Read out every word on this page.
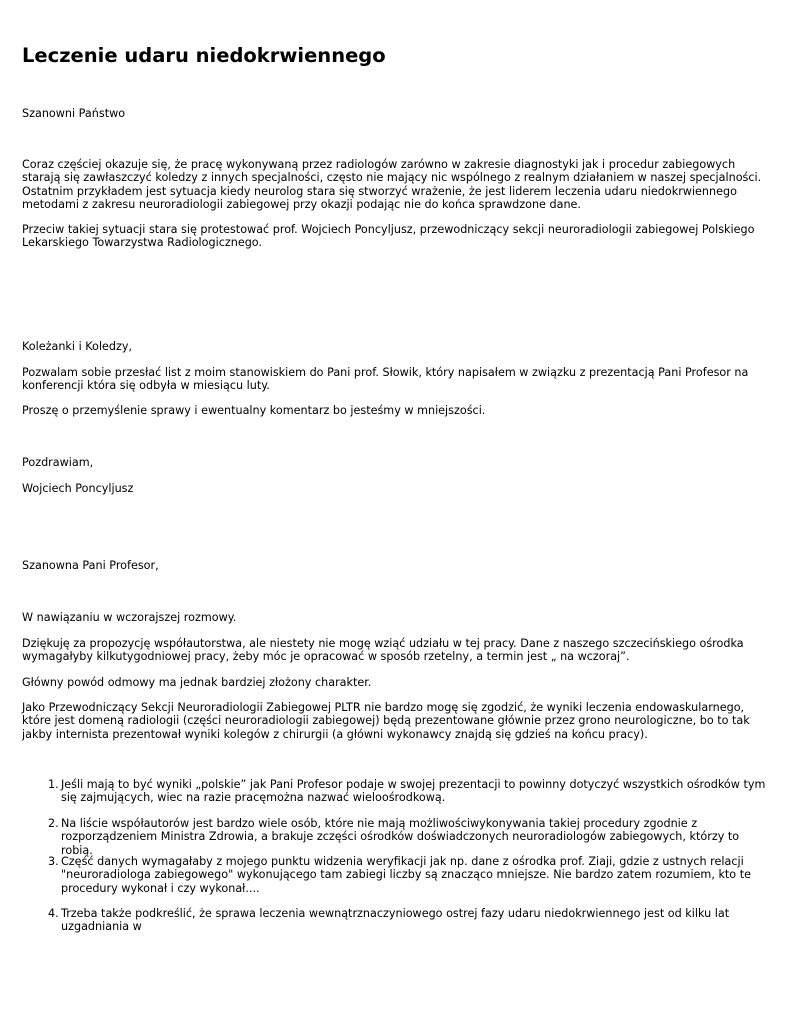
Leczenie udaru niedokrwiennego

Szanowni Państwo

Coraz częściej okazuje się, że pracę wykonywaną przez radiologów zarówno w zakresie diagnostyki jak i procedur zabiegowych starają się zawłaszczyć koledzy z innych specjalności, często nie mający nic wspólnego z realnym działaniem w naszej specjalności. Ostatnim przykładem jest sytuacja kiedy neurolog stara się stworzyć wrażenie, że jest liderem leczenia udaru niedokrwiennego metodami z zakresu neuroradiologii zabiegowej przy okazji podając nie do końca sprawdzone dane.

Przeciw takiej sytuacji stara się protestować prof. Wojciech Poncyljusz, przewodniczący sekcji neuroradiologii zabiegowej Polskiego Lekarskiego Towarzystwa Radiologicznego.

Koleżanki i Koledzy,

Pozwalam sobie przesłać list z moim stanowiskiem do Pani prof. Słowik, który napisałem w związku z prezentacją Pani Profesor na konferencji która się odbyła w miesiącu luty.

Proszę o przemyślenie sprawy i ewentualny komentarz bo jesteśmy w mniejszości.

Pozdrawiam,

Wojciech Poncyljusz

Szanowna Pani Profesor,

W nawiązaniu w wczorajszej rozmowy.

Dziękuję za propozycję współautorstwa, ale niestety nie mogę wziąć udziału w tej pracy. Dane z naszego szczecińskiego ośrodka wymagałyby kilkutygodniowej pracy, żeby móc je opracować w sposób rzetelny, a termin jest „ na wczoraj”.

Główny powód odmowy ma jednak bardziej złożony charakter.

Jako Przewodniczący Sekcji Neuroradiologii Zabiegowej PLTR nie bardzo mogę się zgodzić, że wyniki leczenia endowaskularnego, które jest domeną radiologii (części neuroradiologii zabiegowej) będą prezentowane głównie przez grono neurologiczne, bo to tak jakby internista prezentował wyniki kolegów z chirurgii (a główni wykonawcy znajdą się gdzieś na końcu pracy).

1. Jeśli mają to być wyniki „polskie” jak Pani Profesor podaje w swojej prezentacji to powinny dotyczyć wszystkich ośrodków tym się zajmujących, wiec na razie pracęmożna nazwać wieloośrodkową.
2. Na liście współautorów jest bardzo wiele osób, które nie mają możliwościwykonywania takiej procedury zgodnie z rozporządzeniem Ministra Zdrowia, a brakuje zczęści ośrodków doświadczonych neuroradiologów zabiegowych, którzy to robią.
3. Część danych wymagałaby z mojego punktu widzenia weryfikacji jak np. dane z ośrodka prof. Ziaji, gdzie z ustnych relacji "neuroradiologa zabiegowego" wykonującego tam zabiegi liczby są znacząco mniejsze. Nie bardzo zatem rozumiem, kto te procedury wykonał i czy wykonał....
4. Trzeba także podkreślić, że sprawa leczenia wewnątrznaczyniowego ostrej fazy udaru niedokrwiennego jest od kilku lat uzgadniania w
